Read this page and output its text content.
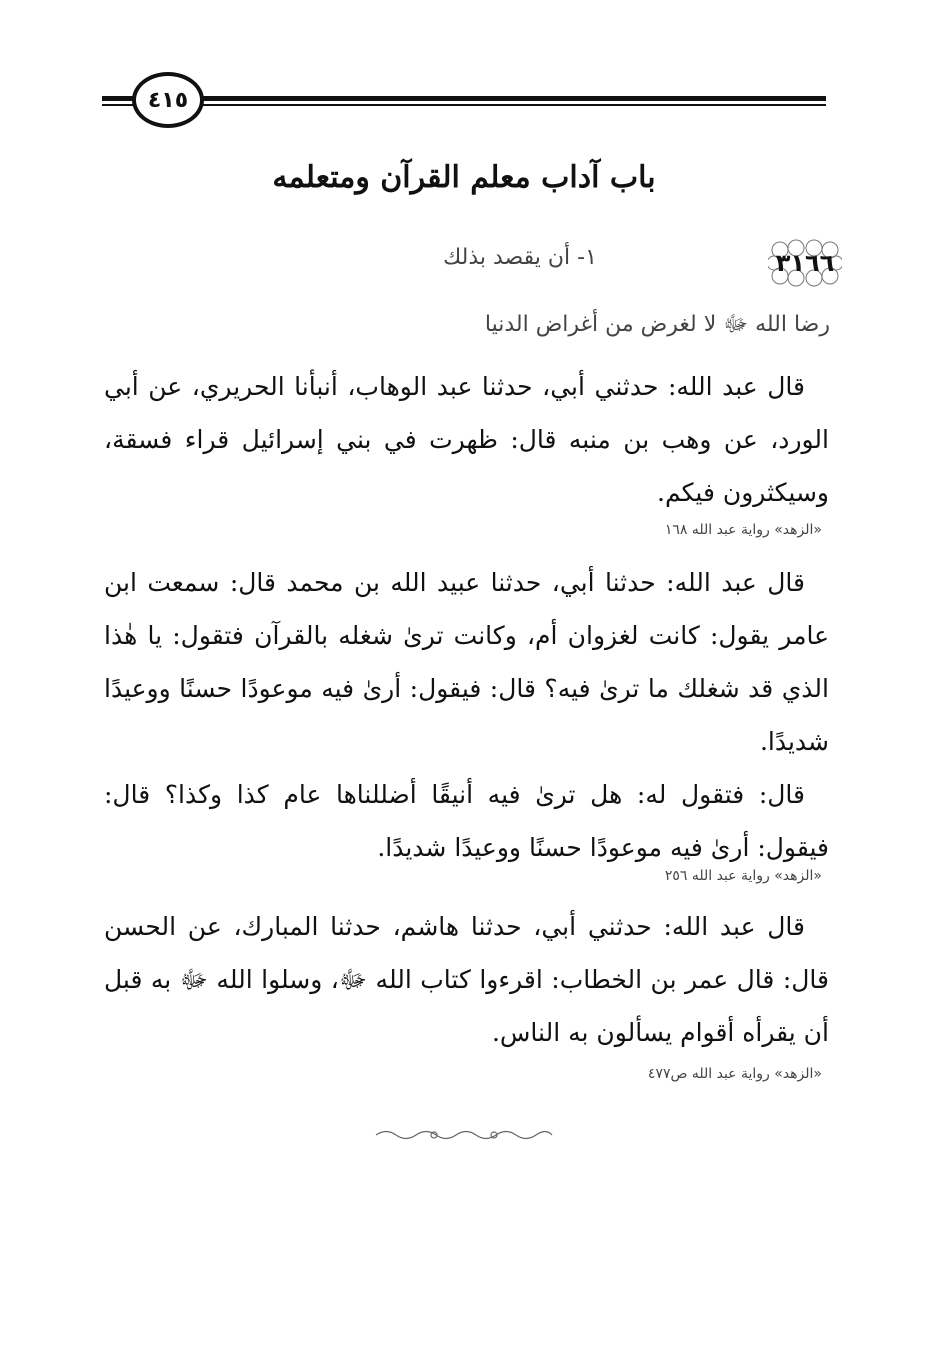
٤١٥
باب آداب معلم القرآن ومتعلمه
٣١٦٦
١- أن يقصد بذلك
رضا الله ﷻ لا لغرض من أغراض الدنيا

قال عبد الله: حدثني أبي، حدثنا عبد الوهاب، أنبأنا الحريري، عن أبي الورد، عن وهب بن منبه قال: ظهرت في بني إسرائيل قراء فسقة، وسيكثرون فيكم.

«الزهد» رواية عبد الله ١٦٨

قال عبد الله: حدثنا أبي، حدثنا عبيد الله بن محمد قال: سمعت ابن عامر يقول: كانت لغزوان أم، وكانت ترىٰ شغله بالقرآن فتقول: يا هٰذا الذي قد شغلك ما ترىٰ فيه؟ قال: فيقول: أرىٰ فيه موعودًا حسنًا ووعيدًا شديدًا.

قال: فتقول له: هل ترىٰ فيه أنيقًا أضللناها عام كذا وكذا؟ قال: فيقول: أرىٰ فيه موعودًا حسنًا ووعيدًا شديدًا.

«الزهد» رواية عبد الله ٢٥٦

قال عبد الله: حدثني أبي، حدثنا هاشم، حدثنا المبارك، عن الحسن قال: قال عمر بن الخطاب: اقرءوا كتاب الله ﷻ، وسلوا الله ﷻ به قبل أن يقرأه أقوام يسألون به الناس.

«الزهد» رواية عبد الله ص٤٧٧
